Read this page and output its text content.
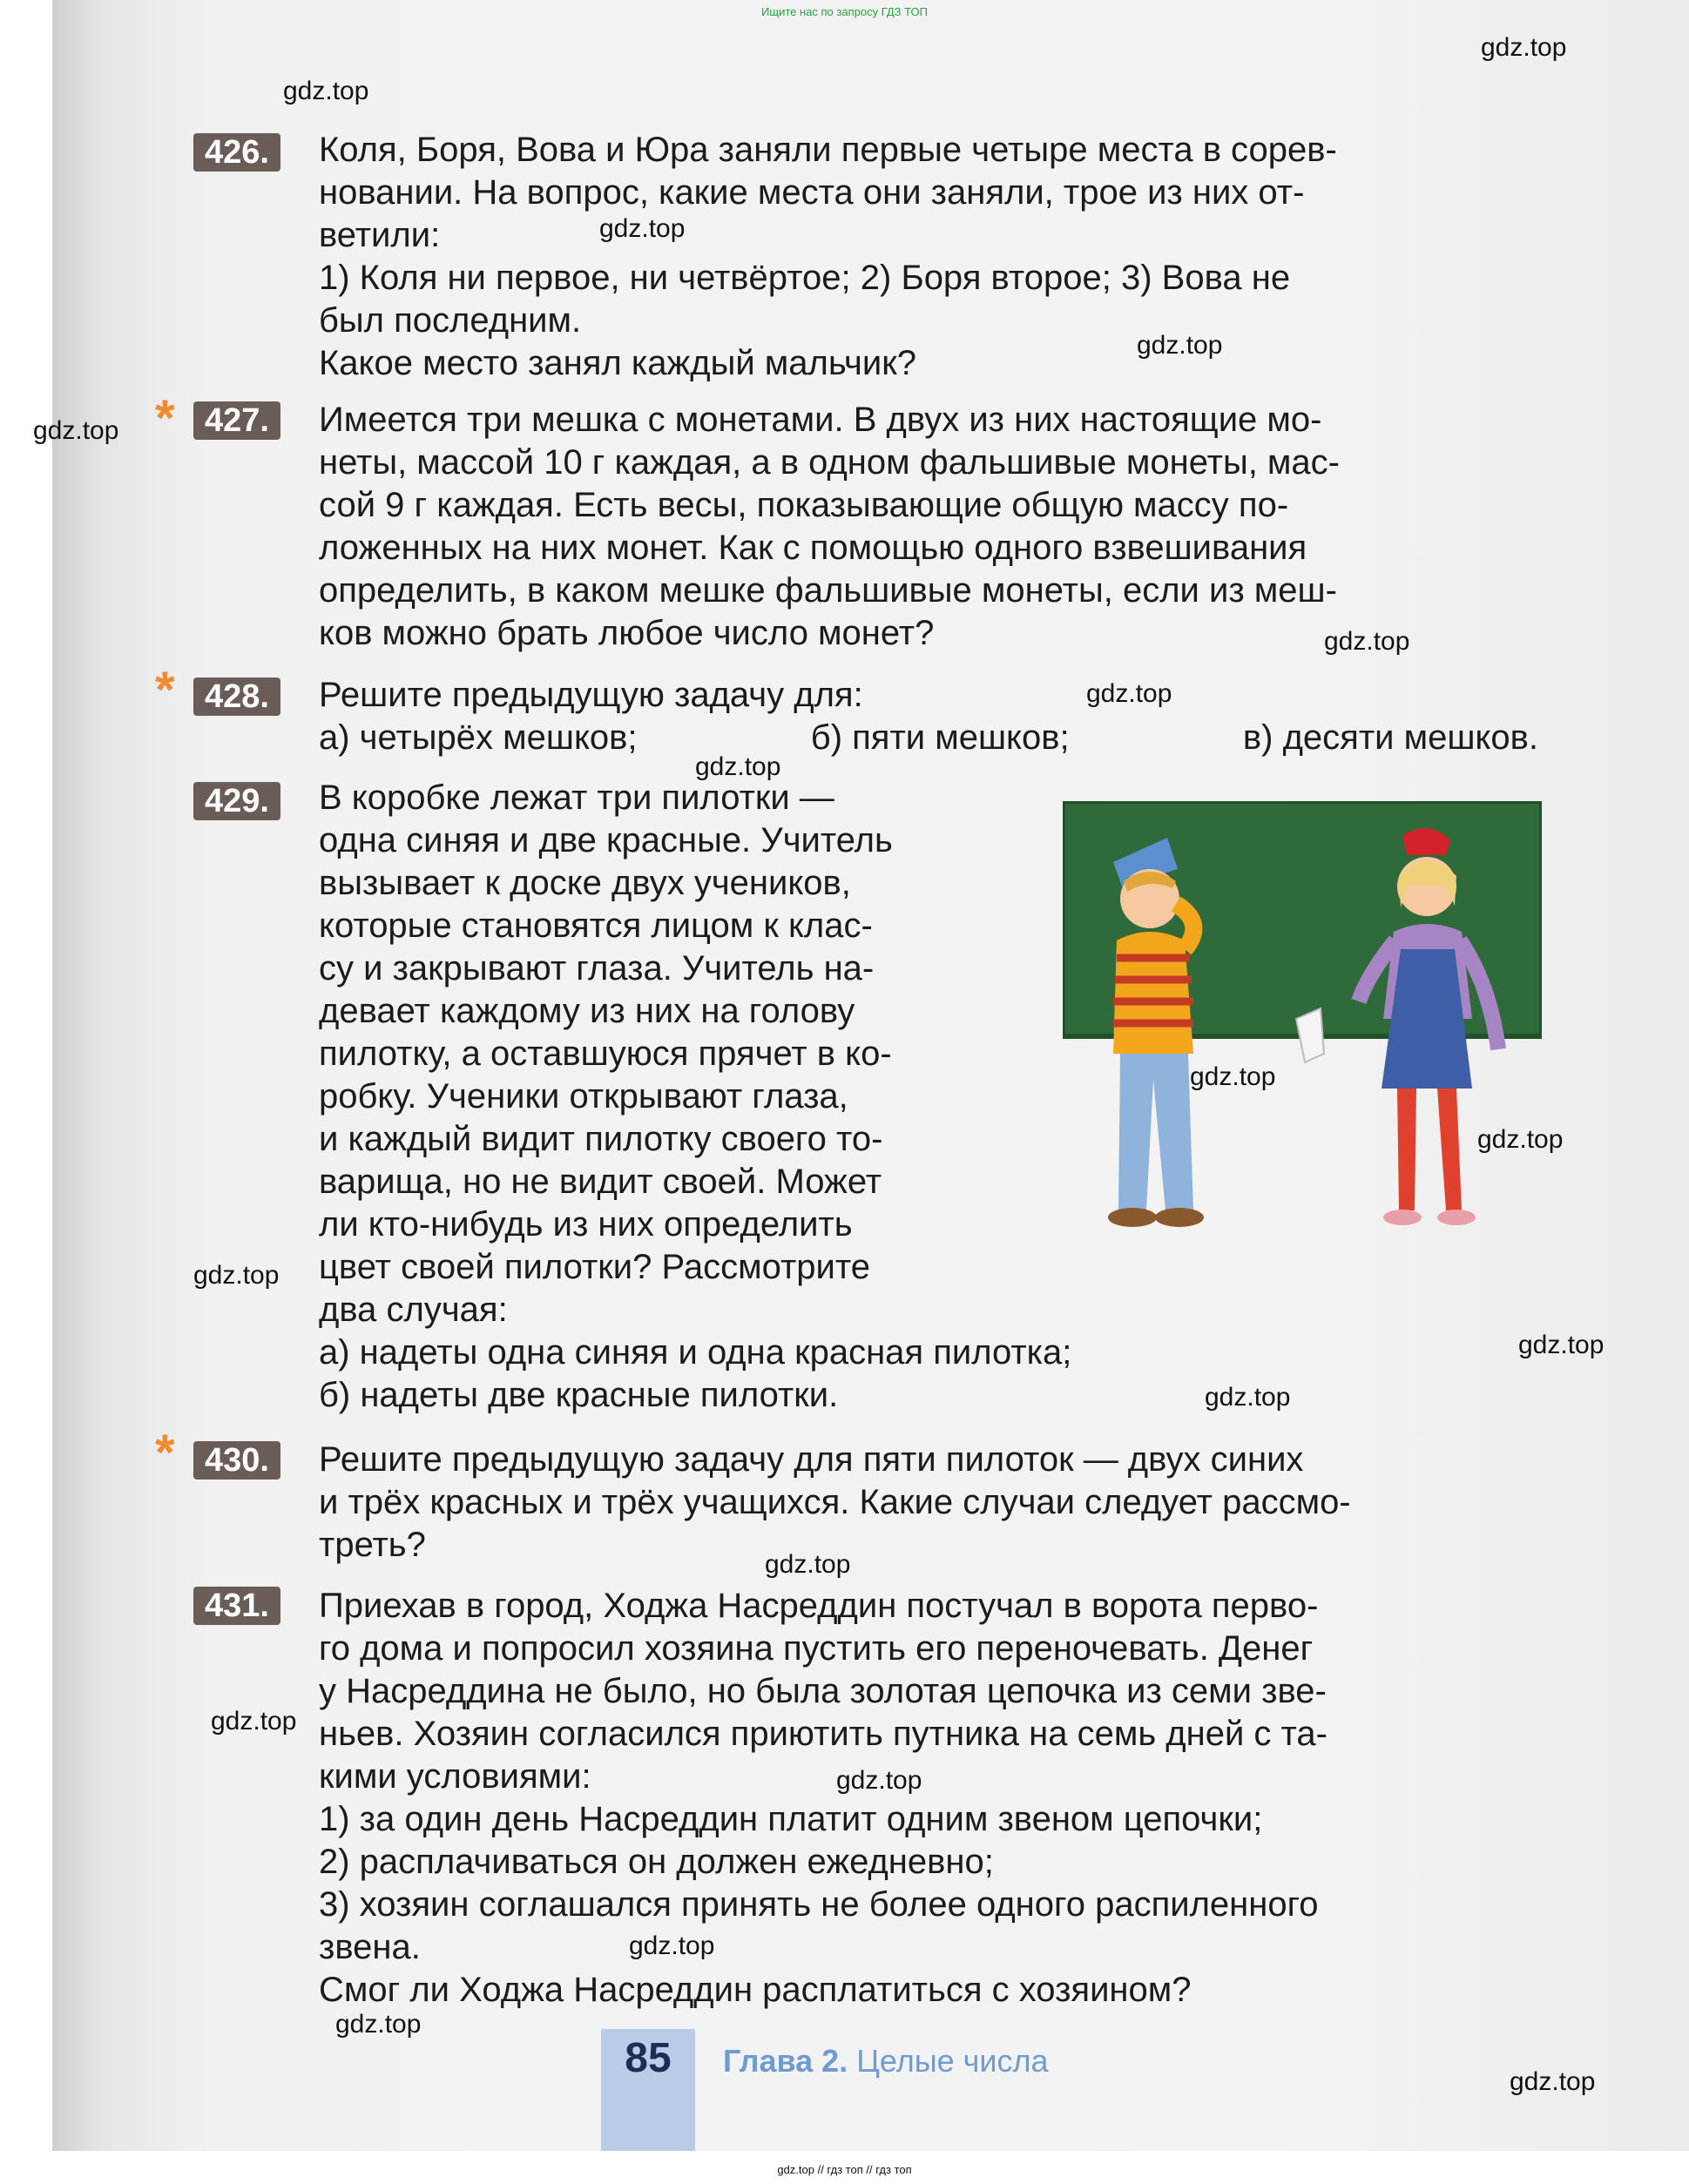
Ищите нас по запросу ГДЗ ТОП
gdz.top
gdz.top
gdz.top
gdz.top
gdz.top
gdz.top
gdz.top
gdz.top
gdz.top
gdz.top
gdz.top
gdz.top
gdz.top
gdz.top
gdz.top
gdz.top
gdz.top
gdz.top
gdz.top
426.	Коля, Боря, Вова и Юра заняли первые четыре места в сорев-

новании. На вопрос, какие места они заняли, трое из них от-

ветили:

1) Коля ни первое, ни четвёртое; 2) Боря второе; 3) Вова не

был последним.

Какое место занял каждый мальчик?

* 427.	Имеется три мешка с монетами. В двух из них настоящие мо-

неты, массой 10 г каждая, а в одном фальшивые монеты, мас-

сой 9 г каждая. Есть весы, показывающие общую массу по-

ложенных на них монет. Как с помощью одного взвешивания

определить, в каком мешке фальшивые монеты, если из меш-

ков можно брать любое число монет?

* 428.	Решите предыдущую задачу для:

а) четырёх мешков;	б) пяти мешков;	в) десяти мешков.
429.	В коробке лежат три пилотки —

одна синяя и две красные. Учитель

вызывает к доске двух учеников,

которые становятся лицом к клас-

су и закрывают глаза. Учитель на-

девает каждому из них на голову

пилотку, а оставшуюся прячет в ко-

робку. Ученики открывают глаза,

и каждый видит пилотку своего то-

варища, но не видит своей. Может

ли кто-нибудь из них определить

цвет своей пилотки? Рассмотрите

два случая:

а) надеты одна синяя и одна красная пилотка;

б) надеты две красные пилотки.

* 430.	Решите предыдущую задачу для пяти пилоток — двух синих

и трёх красных и трёх учащихся. Какие случаи следует рассмо-

треть?

431.	Приехав в город, Ходжа Насреддин постучал в ворота перво-

го дома и попросил хозяина пустить его переночевать. Денег

у Насреддина не было, но была золотая цепочка из семи зве-

ньев. Хозяин согласился приютить путника на семь дней с та-

кими условиями:

1) за один день Насреддин платит одним звеном цепочки;

2) расплачиваться он должен ежедневно;

3) хозяин соглашался принять не более одного распиленного

звена.

Смог ли Ходжа Насреддин расплатиться с хозяином?

85	Глава 2. Целые числа
gdz.top // гдз топ // гдз топ
